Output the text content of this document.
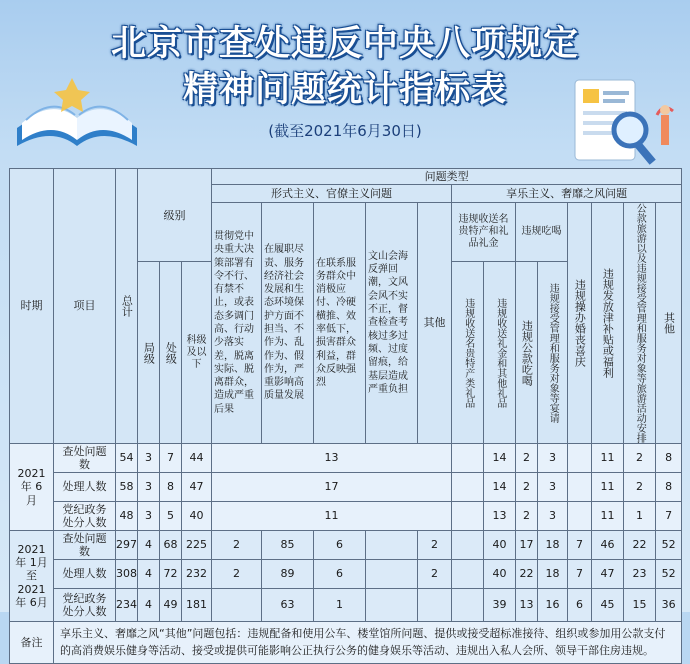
北京市查处违反中央八项规定
精神问题统计指标表
(截至2021年6月30日)
时期	项目	总计	级别			问题类型												
						形式主义、官僚主义问题					享乐主义、奢靡之风问题							

						贯彻党中央重大决策部署有令不行、有禁不止，或表态多调门高、行动少落实差，脱离实际、脱离群众，造成严重后果	在履职尽责、服务经济社会发展和生态环境保护方面不担当、不作为、乱作为、假作为，严重影响高质量发展	在联系服务群众中消极应付、冷硬横推、效率低下，损害群众利益，群众反映强烈	文山会海反弹回潮，文风会风不实不正，督查检查考核过多过频、过度留痕，给基层造成严重负担	其他	违规收送名贵特产和礼品礼金		违规吃喝		违规操办婚丧喜庆	违规发放津补贴或福利	公款旅游以及违规接受管理和服务对象等旅游活动安排	其他

			局级	处级	科级及以下						违规收送名贵特产类礼品	违规收送礼金和其他礼品	违规公款吃喝	违规接受管理和服务对象等宴请				

2021 年 6 月	查处问题数	54	3	7	44	13						14	2	3		11	2	8
	处理人数	58	3	8	47	17						14	2	3		11	2	8
	党纪政务处分人数	48	3	5	40	11						13	2	3		11	1	7
2021 年 1月至 2021 年 6月	查处问题数	297	4	68	225	2	85	6		2		40	17	18	7	46	22	52
	处理人数	308	4	72	232	2	89	6		2		40	22	18	7	47	23	52
	党纪政务处分人数	234	4	49	181		63	1				39	13	16	6	45	15	36
备注	享乐主义、奢靡之风“其他”问题包括：违规配备和使用公车、楼堂馆所问题、提供或接受超标准接待、组织或参加用公款支付的高消费娱乐健身等活动、接受或提供可能影响公正执行公务的健身娱乐等活动、违规出入私人会所、领导干部住房违规。																	
